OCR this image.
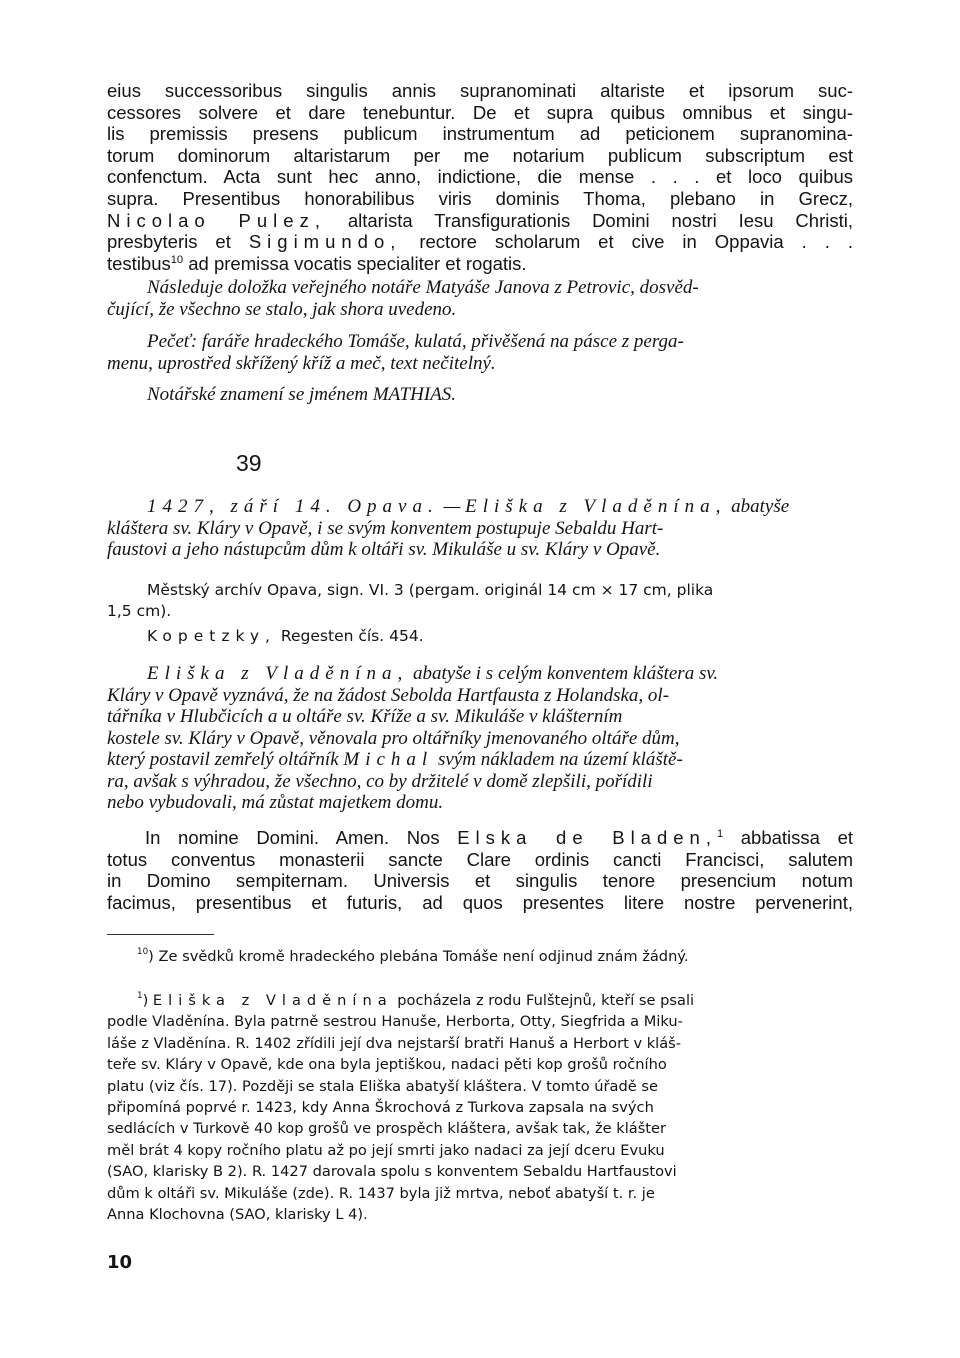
eius successoribus singulis annis supranominati altariste et ipsorum suc-
cessores solvere et dare tenebuntur. De et supra quibus omnibus et singu-
lis premissis presens publicum instrumentum ad peticionem supranomina-
torum dominorum altaristarum per me notarium publicum subscriptum est
confenctum. Acta sunt hec anno, indictione, die mense . . . et loco quibus
supra. Presentibus honorabilibus viris dominis Thoma, plebano in Grecz,
Nicolao Pulez, altarista Transfigurationis Domini nostri Iesu Christi,
presbyteris et Sigimundo, rectore scholarum et cive in Oppavia . . .
testibus$^{10}$ ad premissa vocatis specialiter et rogatis.
Následuje doložka veřejného notáře Matyáše Janova z Petrovic, dosvěd-
čující, že všechno se stalo, jak shora uvedeno.
Pečeť: faráře hradeckého Tomáše, kulatá, přivěšená na pásce z perga-
menu, uprostřed skřížený kříž a meč, text nečitelný.
Notářské znamení se jménem MATHIAS.
39
1427, září 14. Opava. — Eliška z Vladěnína, abatyše
kláštera sv. Kláry v Opavě, i se svým konventem postupuje Sebaldu Hart-
faustovi a jeho nástupcům dům k oltáři sv. Mikuláše u sv. Kláry v Opavě.
Městský archív Opava, sign. VI. 3 (pergam. originál 14 cm × 17 cm, plika
1,5 cm).
Kopetzky, Regesten čís. 454.
Eliška z Vladěnína, abatyše i s celým konventem kláštera sv.
Kláry v Opavě vyznává, že na žádost Sebolda Hartfausta z Holandska, ol-
tářníka v Hlubčicích a u oltáře sv. Kříže a sv. Mikuláše v klášterním
kostele sv. Kláry v Opavě, věnovala pro oltářníky jmenovaného oltáře dům,
který postavil zemřelý oltářník Michal svým nákladem na území kláště-
ra, avšak s výhradou, že všechno, co by držitelé v domě zlepšili, pořídili
nebo vybudovali, má zůstat majetkem domu.
In nomine Domini. Amen. Nos Elska de Bladen,$^1$ abbatissa et
totus conventus monasterii sancte Clare ordinis cancti Francisci, salutem
in Domino sempiternam. Universis et singulis tenore presencium notum
facimus, presentibus et futuris, ad quos presentes litere nostre pervenerint,
$^{10}$) Ze svědků kromě hradeckého plebána Tomáše není odjinud znám žádný.
$^1$) Eliška z Vladěnína pocházela z rodu Fulštejnů, kteří se psali
podle Vladěnína. Byla patrně sestrou Hanuše, Herborta, Otty, Siegfrida a Miku-
láše z Vladěnína. R. 1402 zřídili její dva nejstarší bratři Hanuš a Herbort v kláš-
teře sv. Kláry v Opavě, kde ona byla jeptiškou, nadaci pěti kop grošů ročního
platu (viz čís. 17). Později se stala Eliška abatyší kláštera. V tomto úřadě se
připomíná poprvé r. 1423, kdy Anna Škrochová z Turkova zapsala na svých
sedlácích v Turkově 40 kop grošů ve prospěch kláštera, avšak tak, že klášter
měl brát 4 kopy ročního platu až po její smrti jako nadaci za její dceru Evuku
(SAO, klarisky B 2). R. 1427 darovala spolu s konventem Sebaldu Hartfaustovi
dům k oltáři sv. Mikuláše (zde). R. 1437 byla již mrtva, neboť abatyší t. r. je
Anna Klochovna (SAO, klarisky L 4).
10
